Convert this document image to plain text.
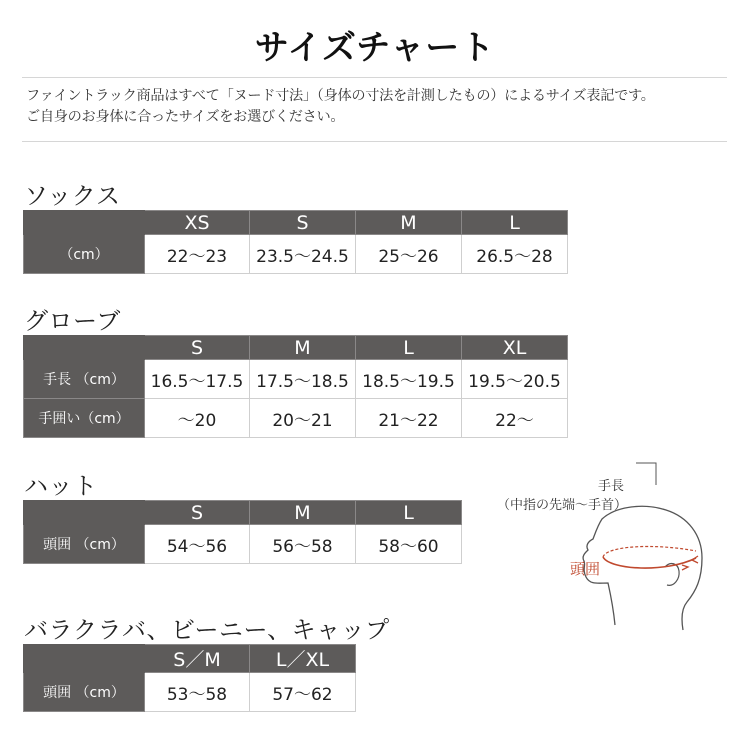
サイズチャート
ファイントラック商品はすべて「ヌード寸法」（身体の寸法を計測したもの）によるサイズ表記です。
ご自身のお身体に合ったサイズをお選びください。
ソックス
	XS	S	M	L
（cm）	22〜23	23.5〜24.5	25〜26	26.5〜28
グローブ
	S	M	L	XL
手長 （cm）	16.5〜17.5	17.5〜18.5	18.5〜19.5	19.5〜20.5
手囲い（cm）	〜20	20〜21	21〜22	22〜
ハット
	S	M	L
頭囲 （cm）	54〜56	56〜58	58〜60
バラクラバ、ビーニー、キャップ
	S／M	L／XL
頭囲 （cm）	53〜58	57〜62
手長
（中指の先端〜手首）
頭囲
